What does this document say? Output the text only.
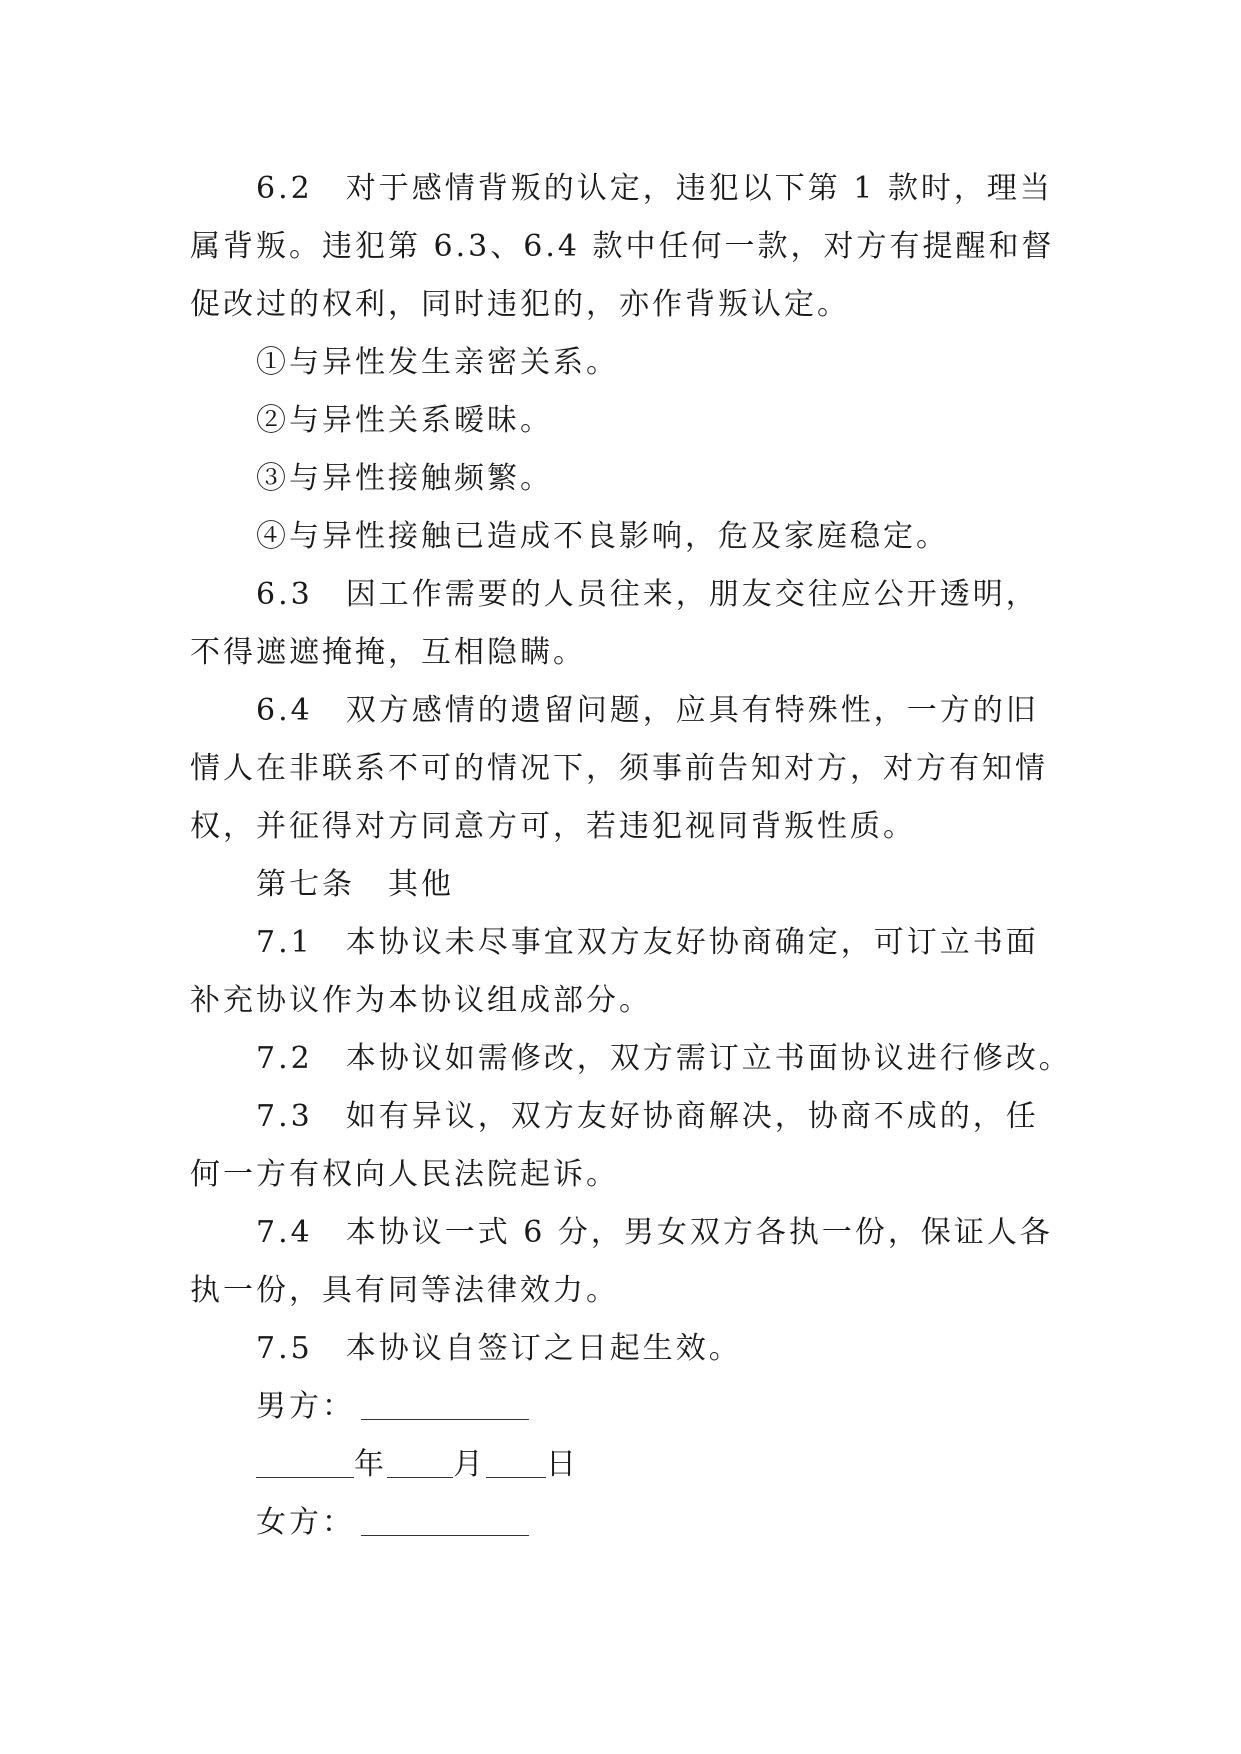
6.2　对于感情背叛的认定，违犯以下第 1 款时，理当
属背叛。违犯第 6.3、6.4 款中任何一款，对方有提醒和督
促改过的权利，同时违犯的，亦作背叛认定。
①与异性发生亲密关系。
②与异性关系暧昧。
③与异性接触频繁。
④与异性接触已造成不良影响，危及家庭稳定。
6.3　因工作需要的人员往来，朋友交往应公开透明，
不得遮遮掩掩，互相隐瞒。
6.4　双方感情的遗留问题，应具有特殊性，一方的旧
情人在非联系不可的情况下，须事前告知对方，对方有知情
权，并征得对方同意方可，若违犯视同背叛性质。
第七条　其他
7.1　本协议未尽事宜双方友好协商确定，可订立书面
补充协议作为本协议组成部分。
7.2　本协议如需修改，双方需订立书面协议进行修改。
7.3　如有异议，双方友好协商解决，协商不成的，任
何一方有权向人民法院起诉。
7.4　本协议一式 6 分，男女双方各执一份，保证人各
执一份，具有同等法律效力。
7.5　本协议自签订之日起生效。
男方：
年 月 日
女方：
